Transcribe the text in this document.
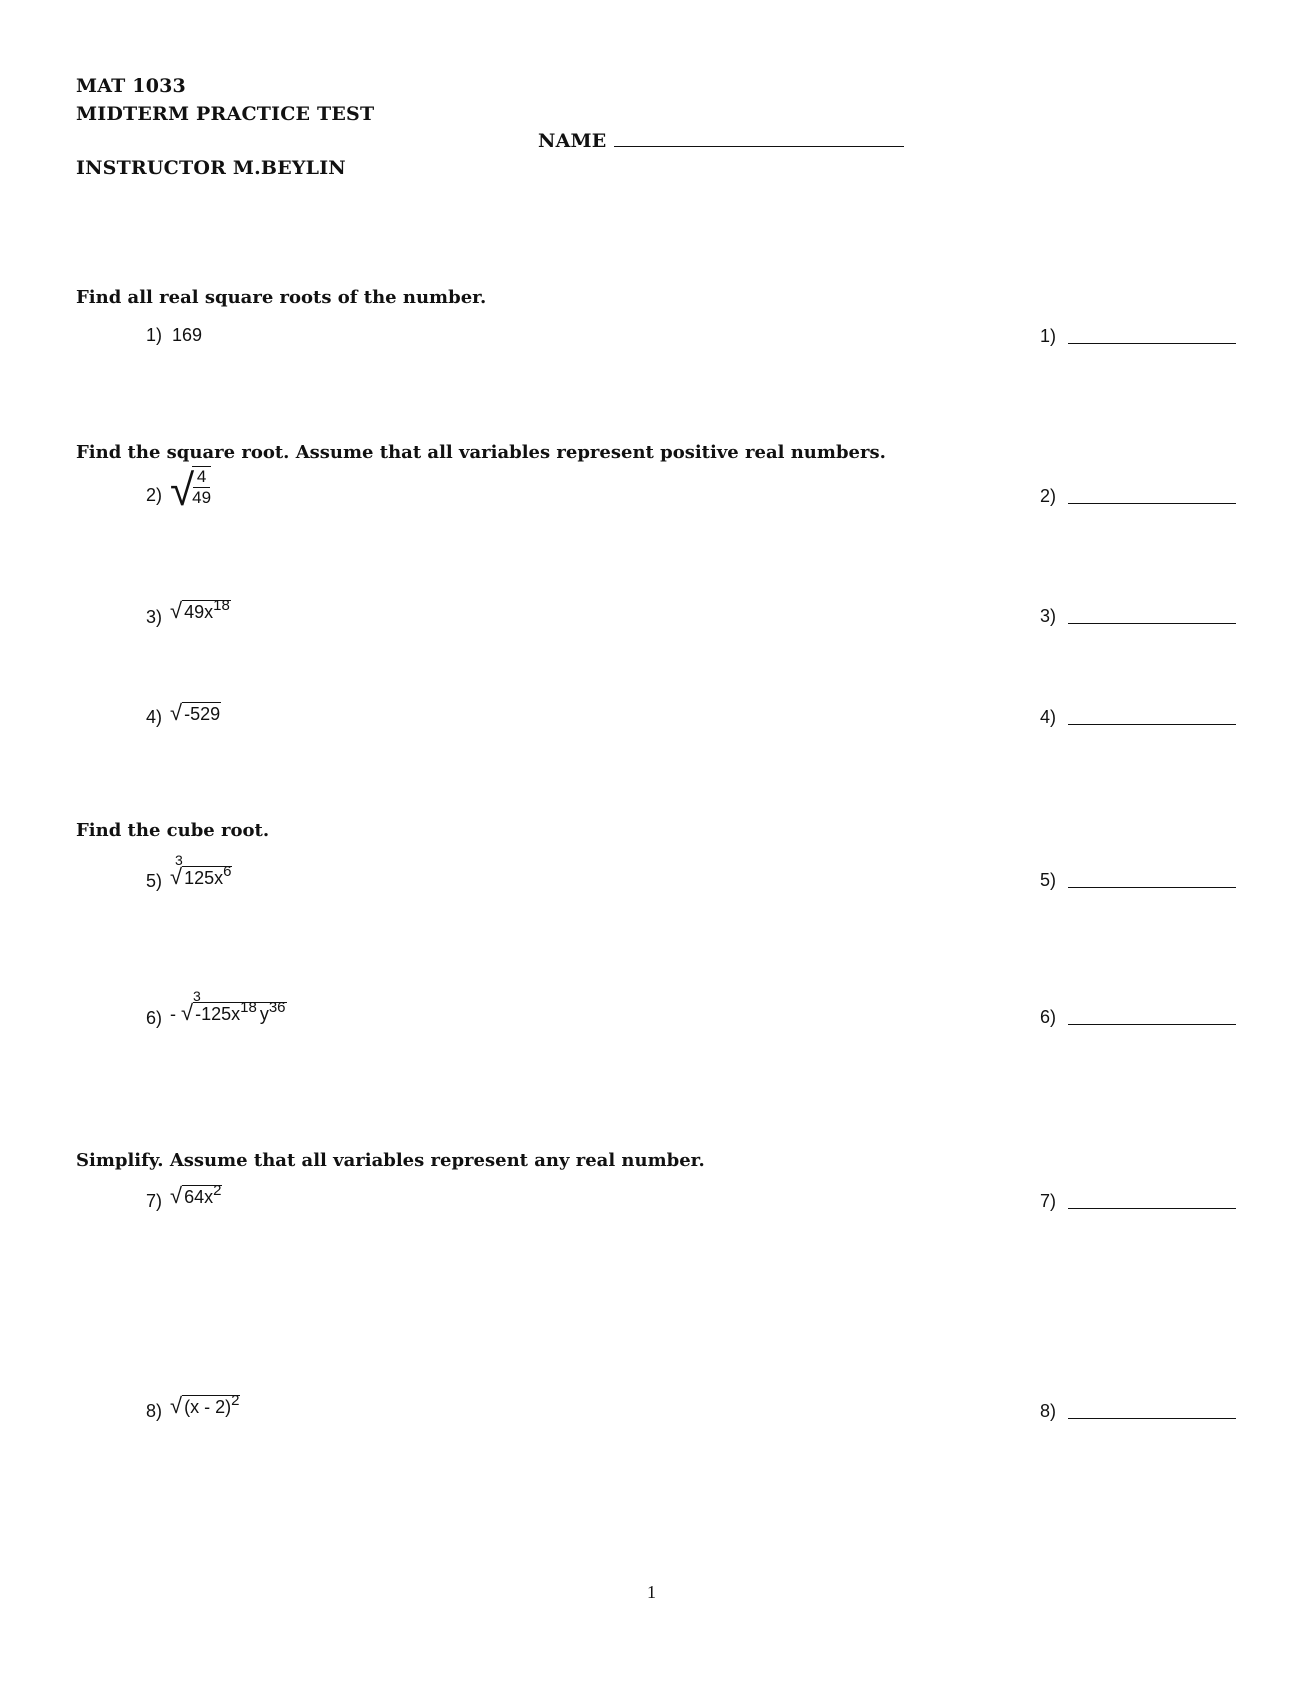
MAT 1033
MIDTERM PRACTICE TEST
INSTRUCTOR M.BEYLIN
NAME
Find all real square roots of the number.
1) 169	1)
Find the square root. Assume that all variables represent positive real numbers.
2) √
$\frac{4}{49}$	2)
3) √ $49x^{18}$
3)
4) √ -529	4)
Find the cube root.
5)
3
√ $125x^6$	5)
6) -
3
√ $-125x^{18}$ $y^{36}$	6)
Simplify. Assume that all variables represent any real number.
7) √ $64x^2$
7)
8) √ (x - 2)$^2$
8)
1
